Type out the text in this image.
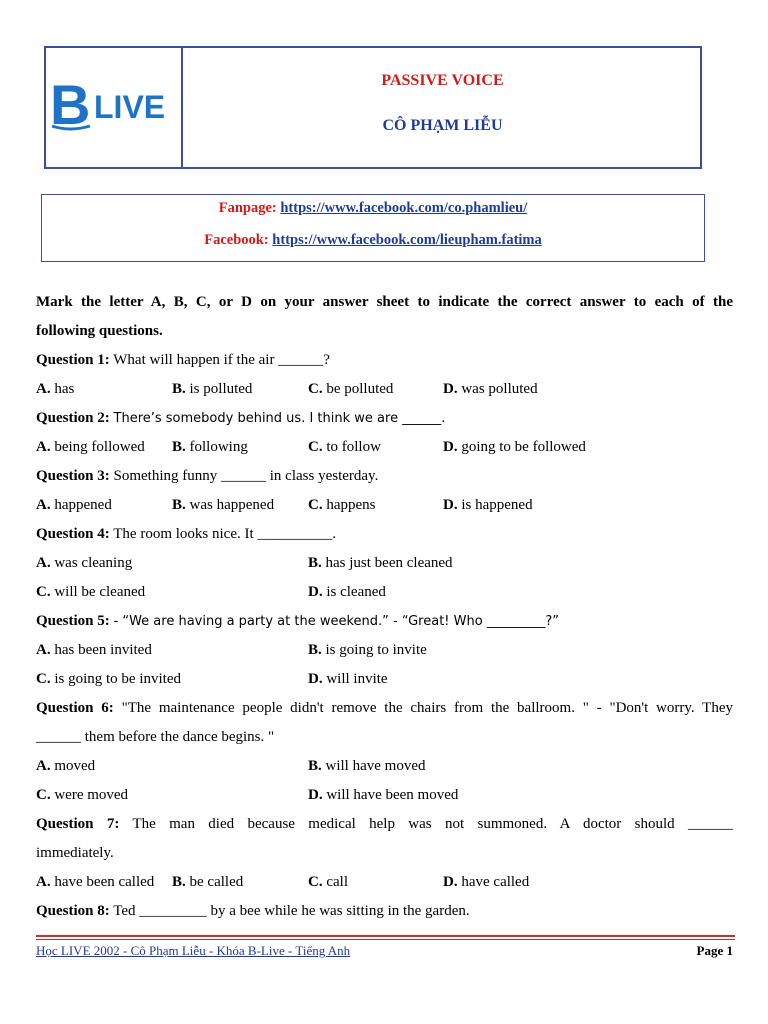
B LIVE
PASSIVE VOICE
CÔ PHẠM LIỄU
Fanpage: https://www.facebook.com/co.phamlieu/
Facebook: https://www.facebook.com/lieupham.fatima
Mark the letter A, B, C, or D on your answer sheet to indicate the correct answer to each of the
following questions.
Question 1: What will happen if the air ______?
A. has	B. is polluted	C. be polluted	D. was polluted
Question 2: There’s somebody behind us. I think we are ______.
A. being followed B. following	C. to follow	D. going to be followed
Question 3: Something funny ______ in class yesterday.
A. happened	B. was happened C. happens	D. is happened
Question 4: The room looks nice. It __________.
A. was cleaning	B. has just been cleaned
C. will be cleaned	D. is cleaned
Question 5: - “We are having a party at the weekend.” - “Great! Who _________?”
A. has been invited	B. is going to invite
C. is going to be invited	D. will invite
Question 6: "The maintenance people didn't remove the chairs from the ballroom. " - "Don't worry. They
______ them before the dance begins. "
A. moved	B. will have moved
C. were moved	D. will have been moved
Question 7: The man died because medical help was not summoned. A doctor should ______
immediately.
A. have been called B. be called	C. call	D. have called
Question 8: Ted _________ by a bee while he was sitting in the garden.
Học LIVE 2002 - Cô Phạm Liễu - Khóa B-Live - Tiếng Anh	Page 1
